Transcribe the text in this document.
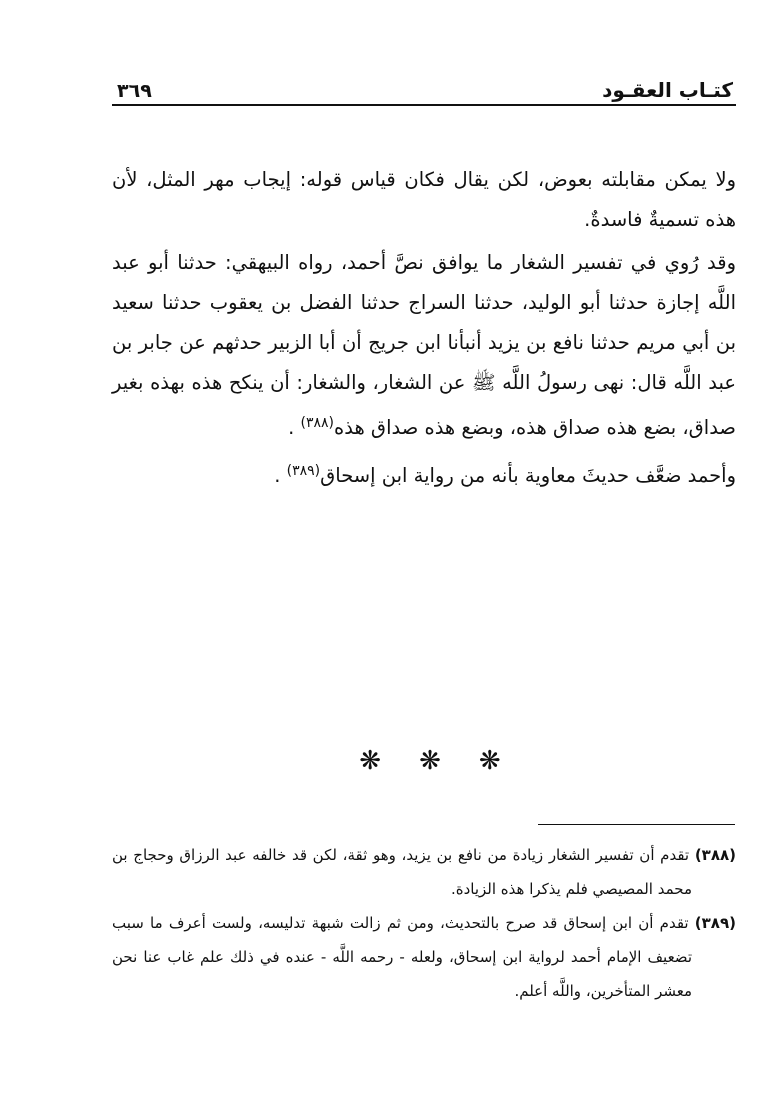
كتـاب العقـود
٣٦٩

ولا يمكن مقابلته بعوض، لكن يقال فكان قياس قوله: إيجاب مهر المثل، لأن هذه تسميةٌ فاسدةٌ.

وقد رُوي في تفسير الشغار ما يوافق نصَّ أحمد، رواه البيهقي: حدثنا أبو عبد اللَّه إجازة حدثنا أبو الوليد، حدثنا السراج حدثنا الفضل بن يعقوب حدثنا سعيد بن أبي مريم حدثنا نافع بن يزيد أنبأنا ابن جريج أن أبا الزبير حدثهم عن جابر بن عبد اللَّه قال: نهى رسولُ اللَّه ﷺ عن الشغار، والشغار: أن ينكح هذه بهذه بغير صداق، بضع هذه صداق هذه، وبضع هذه صداق هذه$^{(٣٨٨)}$ .

وأحمد ضعَّف حديثَ معاوية بأنه من رواية ابن إسحاق$^{(٣٨٩)}$ .

❋ ❋ ❋

(٣٨٨) تقدم أن تفسير الشغار زيادة من نافع بن يزيد، وهو ثقة، لكن قد خالفه عبد الرزاق وحجاج بن محمد المصيصي فلم يذكرا هذه الزيادة.

(٣٨٩) تقدم أن ابن إسحاق قد صرح بالتحديث، ومن ثم زالت شبهة تدليسه، ولست أعرف ما سبب تضعيف الإمام أحمد لرواية ابن إسحاق، ولعله - رحمه اللَّه - عنده في ذلك علم غاب عنا نحن معشر المتأخرين، واللَّه أعلم.
